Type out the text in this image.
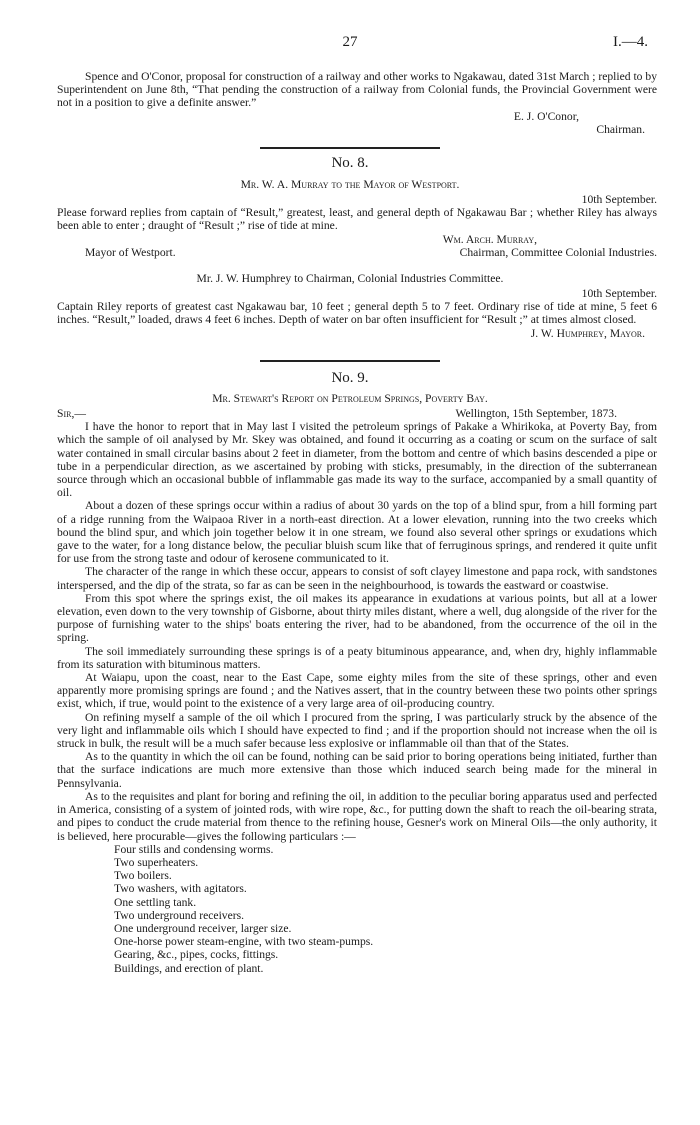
27	I.—4.

Spence and O'Conor, proposal for construction of a railway and other works to Ngakawau, dated 31st March ; replied to by Superintendent on June 8th, “That pending the construction of a railway from Colonial funds, the Provincial Government were not in a position to give a definite answer.”

E. J. O'Conor,

Chairman.

No. 8.
Mr. W. A. Murray to the Mayor of Westport.

10th September.

Please forward replies from captain of “Result,” greatest, least, and general depth of Ngakawau Bar ; whether Riley has always been able to enter ; draught of “Result ;” rise of tide at mine.

Wm. Arch. Murray,

Mayor of Westport.	Chairman, Committee Colonial Industries.
Mr. J. W. Humphrey to Chairman, Colonial Industries Committee.

10th September.

Captain Riley reports of greatest cast Ngakawau bar, 10 feet ; general depth 5 to 7 feet. Ordinary rise of tide at mine, 5 feet 6 inches. “Result,” loaded, draws 4 feet 6 inches. Depth of water on bar often insufficient for “Result ;” at times almost closed.

J. W. Humphrey, Mayor.

No. 9.
Mr. Stewart's Report on Petroleum Springs, Poverty Bay.
Sir,—	Wellington, 15th September, 1873.

I have the honor to report that in May last I visited the petroleum springs of Pakake a Whirikoka, at Poverty Bay, from which the sample of oil analysed by Mr. Skey was obtained, and found it occurring as a coating or scum on the surface of salt water contained in small circular basins about 2 feet in diameter, from the bottom and centre of which basins descended a pipe or tube in a perpendicular direction, as we ascertained by probing with sticks, presumably, in the direction of the subterranean source through which an occasional bubble of inflammable gas made its way to the surface, accompanied by a small quantity of oil.

About a dozen of these springs occur within a radius of about 30 yards on the top of a blind spur, from a hill forming part of a ridge running from the Waipaoa River in a north-east direction. At a lower elevation, running into the two creeks which bound the blind spur, and which join together below it in one stream, we found also several other springs or exudations which gave to the water, for a long distance below, the peculiar bluish scum like that of ferruginous springs, and rendered it quite unfit for use from the strong taste and odour of kerosene communicated to it.

The character of the range in which these occur, appears to consist of soft clayey limestone and papa rock, with sandstones interspersed, and the dip of the strata, so far as can be seen in the neighbourhood, is towards the eastward or coastwise.

From this spot where the springs exist, the oil makes its appearance in exudations at various points, but all at a lower elevation, even down to the very township of Gisborne, about thirty miles distant, where a well, dug alongside of the river for the purpose of furnishing water to the ships' boats entering the river, had to be abandoned, from the occurrence of the oil in the spring.

The soil immediately surrounding these springs is of a peaty bituminous appearance, and, when dry, highly inflammable from its saturation with bituminous matters.

At Waiapu, upon the coast, near to the East Cape, some eighty miles from the site of these springs, other and even apparently more promising springs are found ; and the Natives assert, that in the country between these two points other springs exist, which, if true, would point to the existence of a very large area of oil-producing country.

On refining myself a sample of the oil which I procured from the spring, I was particularly struck by the absence of the very light and inflammable oils which I should have expected to find ; and if the proportion should not increase when the oil is struck in bulk, the result will be a much safer because less explosive or inflammable oil than that of the States.

As to the quantity in which the oil can be found, nothing can be said prior to boring operations being initiated, further than that the surface indications are much more extensive than those which induced search being made for the mineral in Pennsylvania.

As to the requisites and plant for boring and refining the oil, in addition to the peculiar boring apparatus used and perfected in America, consisting of a system of jointed rods, with wire rope, &c., for putting down the shaft to reach the oil-bearing strata, and pipes to conduct the crude material from thence to the refining house, Gesner's work on Mineral Oils—the only authority, it is believed, here procurable—gives the following particulars :—

Four stills and condensing worms.
Two superheaters.
Two boilers.
Two washers, with agitators.
One settling tank.
Two underground receivers.
One underground receiver, larger size.
One-horse power steam-engine, with two steam-pumps.
Gearing, &c., pipes, cocks, fittings.
Buildings, and erection of plant.
